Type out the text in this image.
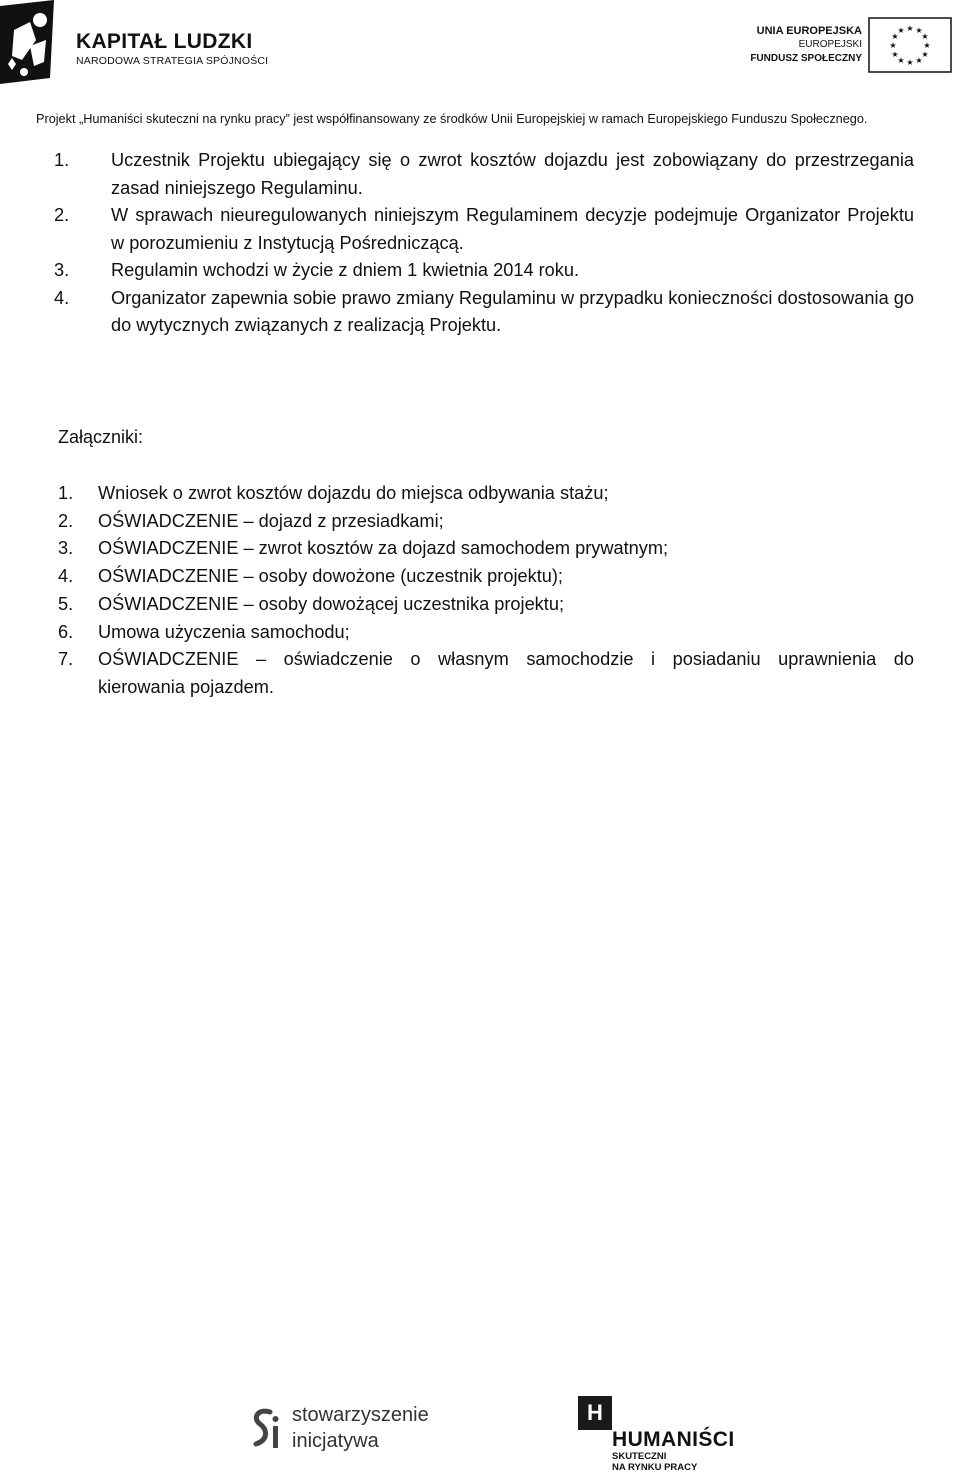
KAPITAŁ LUDZKI
NARODOWA STRATEGIA SPÓJNOŚCI
UNIA EUROPEJSKA
EUROPEJSKI
FUNDUSZ SPOŁECZNY
★ ★
★
★
★
★
★
★
★
★
★
★
Projekt „Humaniści skuteczni na rynku pracy” jest współfinansowany ze środków Unii Europejskiej w ramach Europejskiego Funduszu Społecznego.
1. Uczestnik Projektu ubiegający się o zwrot kosztów dojazdu jest zobowiązany do przestrzegania zasad niniejszego Regulaminu.
2. W sprawach nieuregulowanych niniejszym Regulaminem decyzje podejmuje Organizator Projektu w porozumieniu z Instytucją Pośredniczącą.
3. Regulamin wchodzi w życie z dniem 1 kwietnia 2014 roku.
4. Organizator zapewnia sobie prawo zmiany Regulaminu w przypadku konieczności dostosowania go do wytycznych związanych z realizacją Projektu.
Załączniki:
1. Wniosek o zwrot kosztów dojazdu do miejsca odbywania stażu;
2. OŚWIADCZENIE – dojazd z przesiadkami;
3. OŚWIADCZENIE – zwrot kosztów za dojazd samochodem prywatnym;
4. OŚWIADCZENIE – osoby dowożone (uczestnik projektu);
5. OŚWIADCZENIE – osoby dowożącej uczestnika projektu;
6. Umowa użyczenia samochodu;
7. OŚWIADCZENIE – oświadczenie o własnym samochodzie i posiadaniu uprawnienia do
kierowania pojazdem.
stowarzyszenie
inicjatywa
H
HUMANIŚCI
SKUTECZNI
NA RYNKU PRACY
